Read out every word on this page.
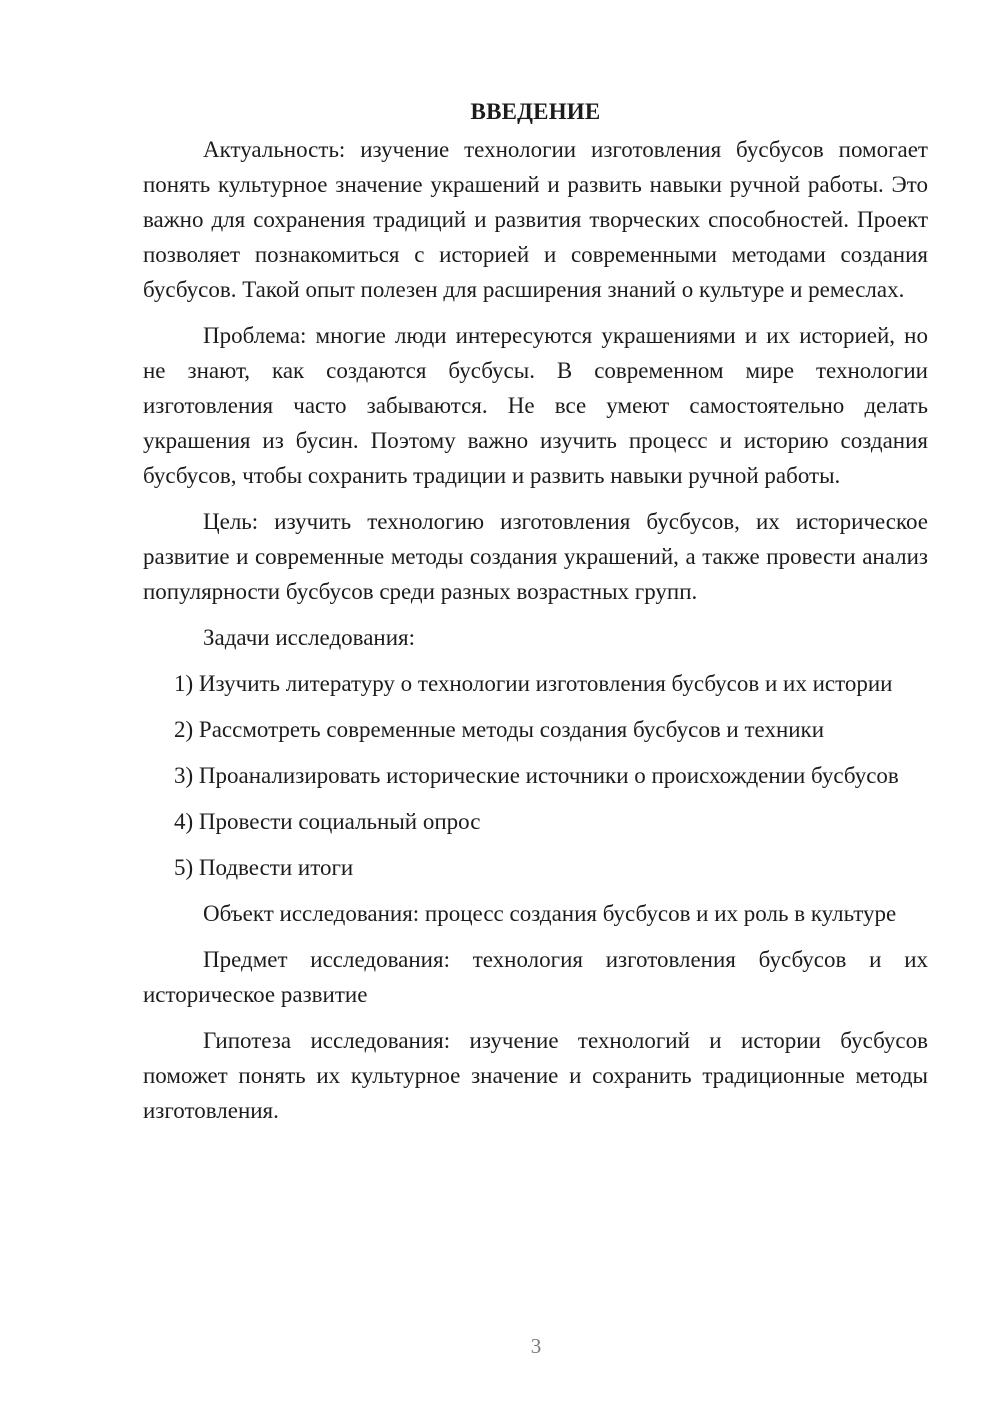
ВВЕДЕНИЕ

Актуальность: изучение технологии изготовления бусбусов помогает понять культурное значение украшений и развить навыки ручной работы. Это важно для сохранения традиций и развития творческих способностей. Проект позволяет познакомиться с историей и современными методами создания бусбусов. Такой опыт полезен для расширения знаний о культуре и ремеслах.

Проблема: многие люди интересуются украшениями и их историей, но не знают, как создаются бусбусы. В современном мире технологии изготовления часто забываются. Не все умеют самостоятельно делать украшения из бусин. Поэтому важно изучить процесс и историю создания бусбусов, чтобы сохранить традиции и развить навыки ручной работы.

Цель: изучить технологию изготовления бусбусов, их историческое развитие и современные методы создания украшений, а также провести анализ популярности бусбусов среди разных возрастных групп.

Задачи исследования:

1) Изучить литературу о технологии изготовления бусбусов и их истории

2) Рассмотреть современные методы создания бусбусов и техники

3) Проанализировать исторические источники о происхождении бусбусов

4) Провести социальный опрос

5) Подвести итоги

Объект исследования: процесс создания бусбусов и их роль в культуре

Предмет исследования: технология изготовления бусбусов и их историческое развитие

Гипотеза исследования: изучение технологий и истории бусбусов поможет понять их культурное значение и сохранить традиционные методы изготовления.

3
